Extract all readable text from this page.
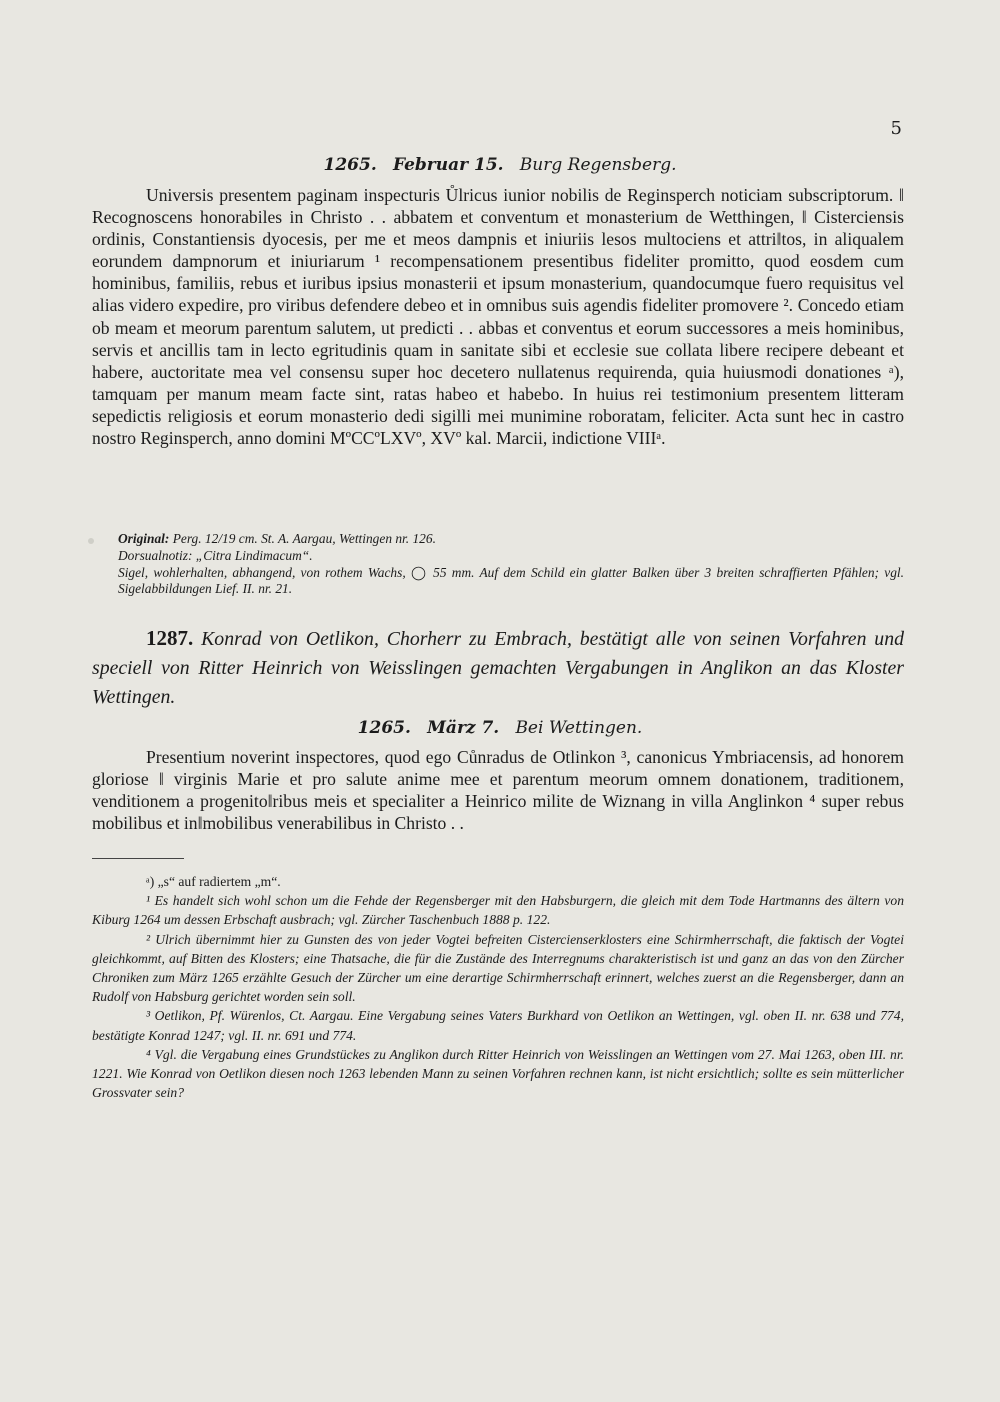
5
1265. Februar 15. Burg Regensberg.

Universis presentem paginam inspecturis Ůlricus iunior nobilis de Reginsperch noticiam subscriptorum. ‖ Recognoscens honorabiles in Christo . . abbatem et conventum et monasterium de Wetthingen, ‖ Cisterciensis ordinis, Constantiensis dyocesis, per me et meos dampnis et iniuriis lesos multociens et attri‖tos, in aliqualem eorundem dampnorum et iniuriarum ¹ recompensationem presentibus fideliter promitto, quod eosdem cum hominibus, familiis, rebus et iuribus ipsius monasterii et ipsum monasterium, quandocumque fuero requisitus vel alias videro expedire, pro viribus defendere debeo et in omnibus suis agendis fideliter promovere ². Concedo etiam ob meam et meorum parentum salutem, ut predicti . . abbas et conventus et eorum successores a meis hominibus, servis et ancillis tam in lecto egritudinis quam in sanitate sibi et ecclesie sue collata libere recipere debeant et habere, auctoritate mea vel consensu super hoc decetero nullatenus requirenda, quia huiusmodi donationes ᵃ), tamquam per manum meam facte sint, ratas habeo et habebo. In huius rei testimonium presentem litteram sepedictis religiosis et eorum monasterio dedi sigilli mei munimine roboratam, feliciter. Acta sunt hec in castro nostro Reginsperch, anno domini MºCCºLXVº, XVº kal. Marcii, indictione VIIIᵃ.

Original: Perg. 12/19 cm. St. A. Aargau, Wettingen nr. 126.
Dorsualnotiz: „Citra Lindimacum“.
Sigel, wohlerhalten, abhangend, von rothem Wachs, ◯ 55 mm. Auf dem Schild ein glatter Balken über 3 breiten schraffierten Pfählen; vgl. Sigelabbildungen Lief. II. nr. 21.
1287. Konrad von Oetlikon, Chorherr zu Embrach, bestätigt alle von seinen Vorfahren und speciell von Ritter Heinrich von Weisslingen gemachten Vergabungen in Anglikon an das Kloster Wettingen.
1265. März 7. Bei Wettingen.

Presentium noverint inspectores, quod ego Cůnradus de Otlinkon ³, canonicus Ymbriacensis, ad honorem gloriose ‖ virginis Marie et pro salute anime mee et parentum meorum omnem donationem, traditionem, venditionem a progenito‖ribus meis et specialiter a Heinrico milite de Wiznang in villa Anglinkon ⁴ super rebus mobilibus et in‖mobilibus venerabilibus in Christo . .

ᵃ) „s“ auf radiertem „m“.

¹ Es handelt sich wohl schon um die Fehde der Regensberger mit den Habsburgern, die gleich mit dem Tode Hartmanns des ältern von Kiburg 1264 um dessen Erbschaft ausbrach; vgl. Zürcher Taschenbuch 1888 p. 122.

² Ulrich übernimmt hier zu Gunsten des von jeder Vogtei befreiten Cistercienserklosters eine Schirmherrschaft, die faktisch der Vogtei gleichkommt, auf Bitten des Klosters; eine Thatsache, die für die Zustände des Interregnums charakteristisch ist und ganz an das von den Zürcher Chroniken zum März 1265 erzählte Gesuch der Zürcher um eine derartige Schirmherrschaft erinnert, welches zuerst an die Regensberger, dann an Rudolf von Habsburg gerichtet worden sein soll.

³ Oetlikon, Pf. Würenlos, Ct. Aargau. Eine Vergabung seines Vaters Burkhard von Oetlikon an Wettingen, vgl. oben II. nr. 638 und 774, bestätigte Konrad 1247; vgl. II. nr. 691 und 774.

⁴ Vgl. die Vergabung eines Grundstückes zu Anglikon durch Ritter Heinrich von Weisslingen an Wettingen vom 27. Mai 1263, oben III. nr. 1221. Wie Konrad von Oetlikon diesen noch 1263 lebenden Mann zu seinen Vorfahren rechnen kann, ist nicht ersichtlich; sollte es sein mütterlicher Grossvater sein?
